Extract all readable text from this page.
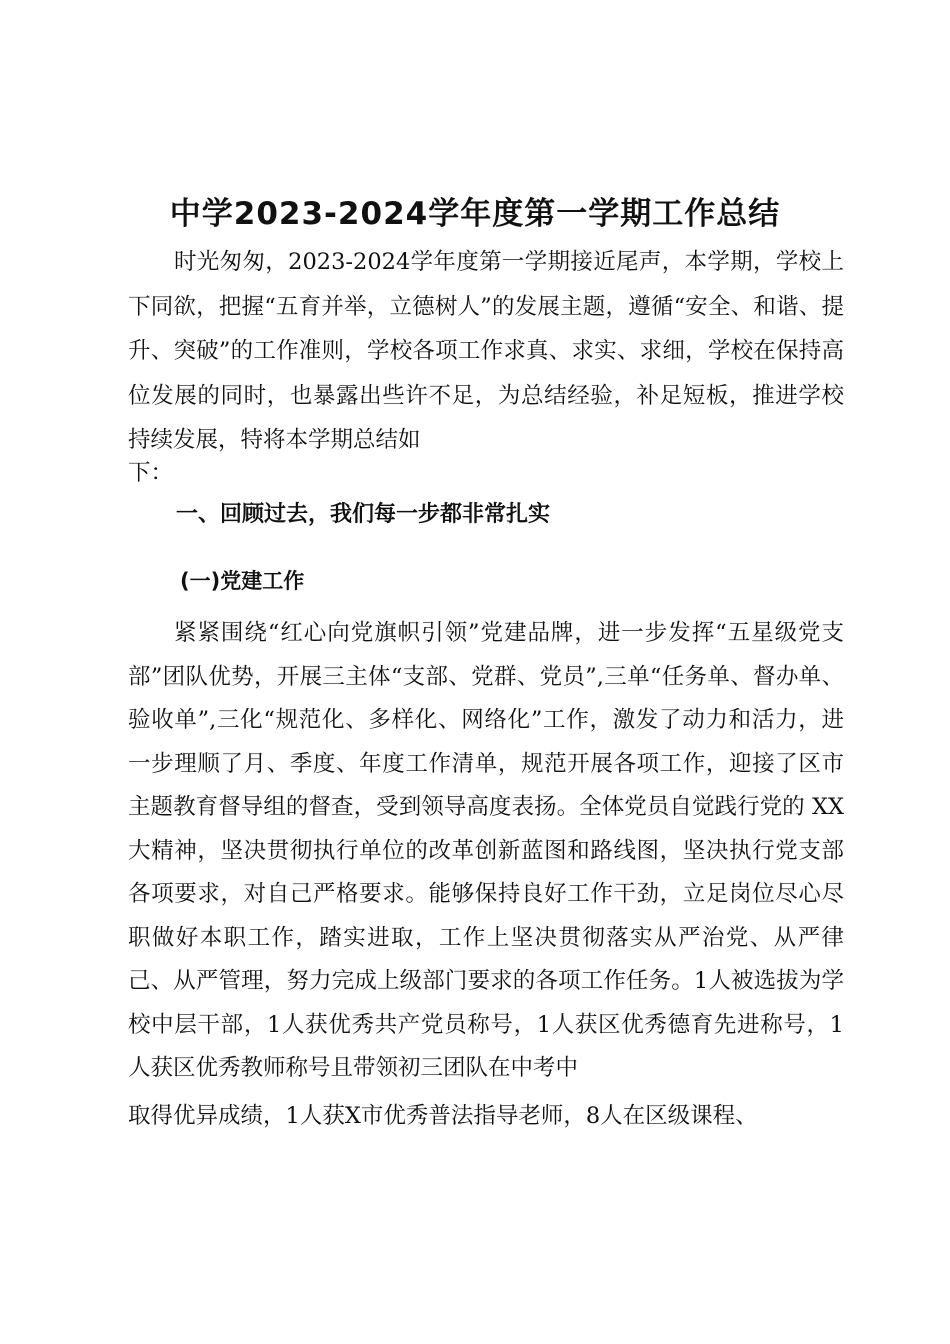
中学2023-2024学年度第一学期工作总结

时光匆匆，2023-2024学年度第一学期接近尾声，本学期，学校上下同欲，把握“五育并举，立德树人”的发展主题，遵循“安全、和谐、提升、突破”的工作准则，学校各项工作求真、求实、求细，学校在保持高位发展的同时，也暴露出些许不足，为总结经验，补足短板，推进学校持续发展，特将本学期总结如

下：

一、回顾过去，我们每一步都非常扎实
(一)党建工作

紧紧围绕“红心向党旗帜引领”党建品牌，进一步发挥“五星级党支部”团队优势，开展三主体“支部、党群、党员”,三单“任务单、督办单、验收单”,三化“规范化、多样化、网络化”工作，激发了动力和活力，进一步理顺了月、季度、年度工作清单，规范开展各项工作，迎接了区市主题教育督导组的督查，受到领导高度表扬。全体党员自觉践行党的 XX大精神，坚决贯彻执行单位的改革创新蓝图和路线图，坚决执行党支部各项要求，对自己严格要求。能够保持良好工作干劲，立足岗位尽心尽职做好本职工作，踏实进取，工作上坚决贯彻落实从严治党、从严律己、从严管理，努力完成上级部门要求的各项工作任务。1人被选拔为学校中层干部，1人获优秀共产党员称号，1人获区优秀德育先进称号，1人获区优秀教师称号且带领初三团队在中考中

取得优异成绩，1人获X市优秀普法指导老师，8人在区级课程、
